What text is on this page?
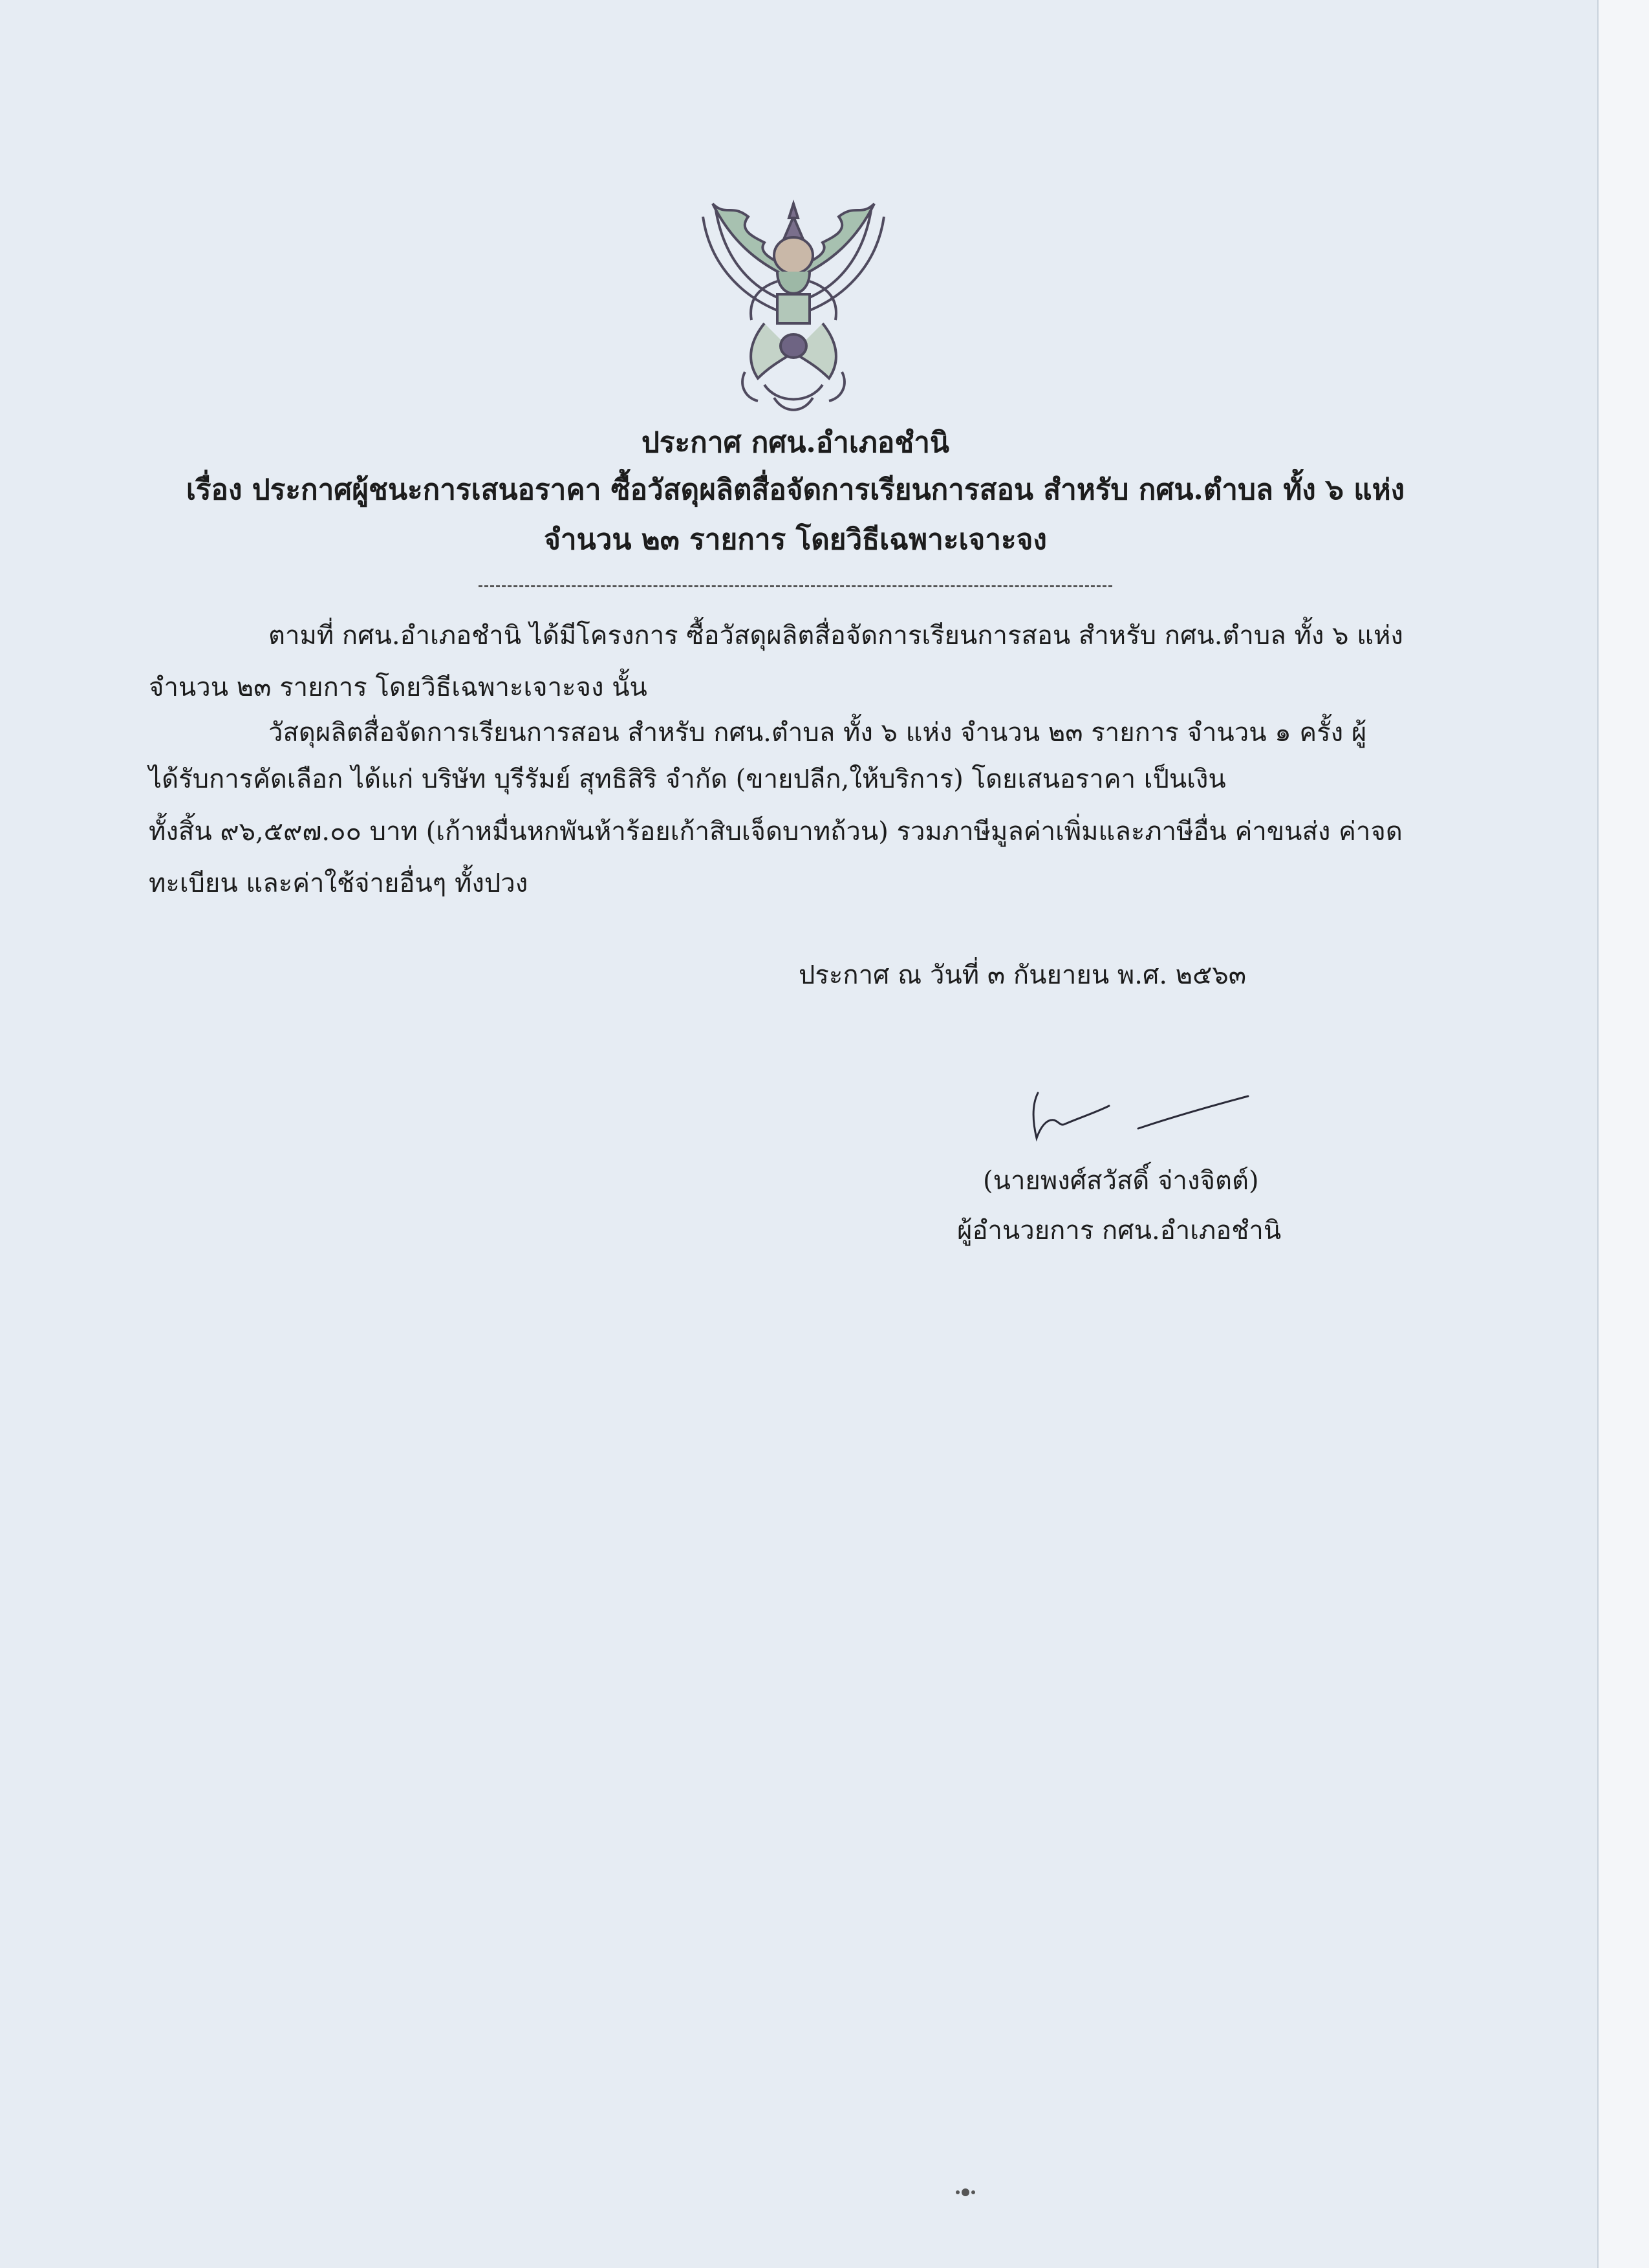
ประกาศ กศน.อำเภอชำนิ
เรื่อง ประกาศผู้ชนะการเสนอราคา ซื้อวัสดุผลิตสื่อจัดการเรียนการสอน สำหรับ กศน.ตำบล ทั้ง ๖ แห่ง
จำนวน ๒๓ รายการ โดยวิธีเฉพาะเจาะจง
ตามที่ กศน.อำเภอชำนิ ได้มีโครงการ ซื้อวัสดุผลิตสื่อจัดการเรียนการสอน สำหรับ กศน.ตำบล ทั้ง ๖ แห่ง
จำนวน ๒๓ รายการ โดยวิธีเฉพาะเจาะจง นั้น
วัสดุผลิตสื่อจัดการเรียนการสอน สำหรับ กศน.ตำบล ทั้ง ๖ แห่ง จำนวน ๒๓ รายการ จำนวน ๑ ครั้ง ผู้
ได้รับการคัดเลือก ได้แก่ บริษัท บุรีรัมย์ สุทธิสิริ จำกัด (ขายปลีก,ให้บริการ) โดยเสนอราคา เป็นเงิน
ทั้งสิ้น ๙๖,๕๙๗.๐๐ บาท (เก้าหมื่นหกพันห้าร้อยเก้าสิบเจ็ดบาทถ้วน) รวมภาษีมูลค่าเพิ่มและภาษีอื่น ค่าขนส่ง ค่าจด
ทะเบียน และค่าใช้จ่ายอื่นๆ ทั้งปวง
ประกาศ ณ วันที่ ๓ กันยายน พ.ศ. ๒๕๖๓
(นายพงศ์สวัสดิ์ จ่างจิตต์)
ผู้อำนวยการ กศน.อำเภอชำนิ
